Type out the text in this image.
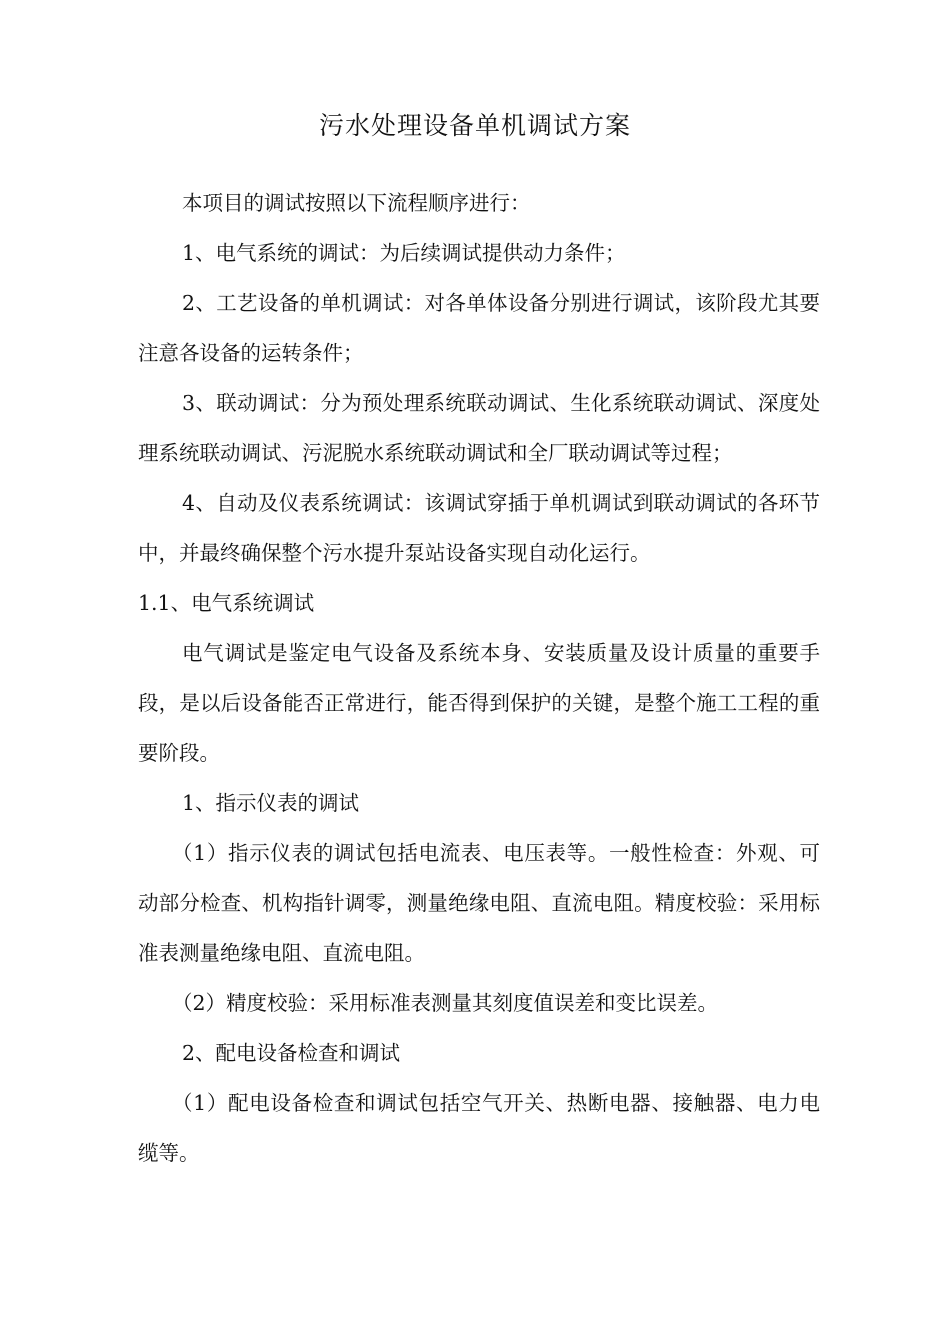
污水处理设备单机调试方案

本项目的调试按照以下流程顺序进行：

1、电气系统的调试：为后续调试提供动力条件；

2、工艺设备的单机调试：对各单体设备分别进行调试，该阶段尤其要注意各设备的运转条件；

3、联动调试：分为预处理系统联动调试、生化系统联动调试、深度处理系统联动调试、污泥脱水系统联动调试和全厂联动调试等过程；

4、自动及仪表系统调试：该调试穿插于单机调试到联动调试的各环节中，并最终确保整个污水提升泵站设备实现自动化运行。

1.1、电气系统调试

电气调试是鉴定电气设备及系统本身、安装质量及设计质量的重要手段，是以后设备能否正常进行，能否得到保护的关键，是整个施工工程的重要阶段。

1、指示仪表的调试

（1）指示仪表的调试包括电流表、电压表等。一般性检查：外观、可动部分检查、机构指针调零，测量绝缘电阻、直流电阻。精度校验：采用标准表测量绝缘电阻、直流电阻。

（2）精度校验：采用标准表测量其刻度值误差和变比误差。

2、配电设备检查和调试

（1）配电设备检查和调试包括空气开关、热断电器、接触器、电力电缆等。
